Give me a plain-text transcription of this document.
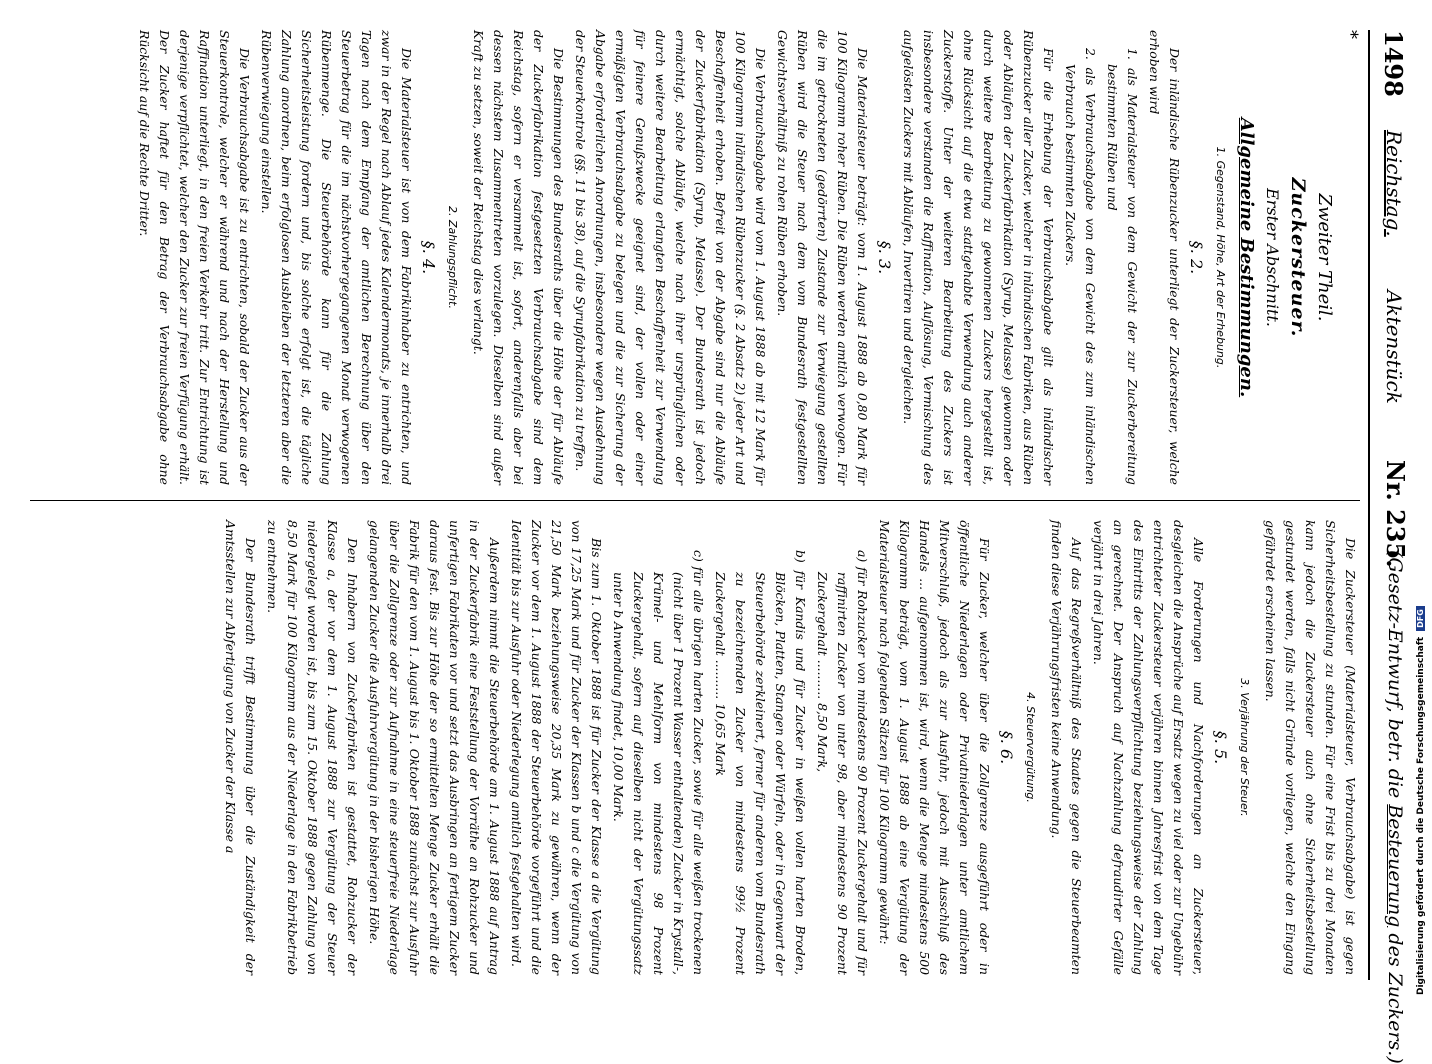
1498
Reichstag.
Aktenstück
Nr. 235.
(Gesetz-Entwurf, betr. die Besteuerung des Zuckers.)

*

Zweiter Theil.

Zuckersteuer.

Erster Abschnitt.

Allgemeine Bestimmungen.

1. Gegenstand, Höhe, Art der Erhebung.

§. 2.

Der inländische Rübenzucker unterliegt der Zuckersteuer, welche erhoben wird

1. als Materialsteuer von dem Gewicht der zur Zuckerbereitung bestimmten Rüben und

2. als Verbrauchsabgabe von dem Gewicht des zum inländischen Verbrauch bestimmten Zuckers.

Für die Erhebung der Verbrauchsabgabe gilt als inländischer Rübenzucker aller Zucker, welcher in inländischen Fabriken, aus Rüben oder Abläufen der Zuckerfabrikation (Syrup, Melasse) gewonnen oder durch weitere Bearbeitung zu gewonnenen Zuckers hergestellt ist, ohne Rücksicht auf die etwa stattgehabte Verwendung auch anderer Zuckerstoffe. Unter der weiteren Bearbeitung des Zuckers ist insbesondere verstanden die Raffination, Auflösung, Vermischung des aufgelösten Zuckers mit Abläufen, Invertiren und dergleichen.

§. 3.

Die Materialsteuer beträgt: vom 1. August 1888 ab 0,80 Mark für 100 Kilogramm roher Rüben. Die Rüben werden amtlich verwogen. Für die im getrockneten (gedörrten) Zustande zur Verwiegung gestellten Rüben wird die Steuer nach dem vom Bundesrath festgestellten Gewichtsverhältniß zu rohen Rüben erhoben.

Die Verbrauchsabgabe wird vom 1. August 1888 ab mit 12 Mark für 100 Kilogramm inländischen Rübenzucker (§. 2 Absatz 2) jeder Art und Beschaffenheit erhoben. Befreit von der Abgabe sind nur die Abläufe der Zuckerfabrikation (Syrup, Melasse). Der Bundesrath ist jedoch ermächtigt, solche Abläufe, welche nach ihrer ursprünglichen oder durch weitere Bearbeitung erlangten Beschaffenheit zur Verwendung für feinere Genußzwecke geeignet sind, der vollen oder einer ermäßigten Verbrauchsabgabe zu belegen und die zur Sicherung der Abgabe erforderlichen Anordnungen, insbesondere wegen Ausdehnung der Steuerkontrole (§§. 11 bis 38), auf die Syrupfabrikation zu treffen.

Die Bestimmungen des Bundesraths über die Höhe der für Abläufe der Zuckerfabrikation festgesetzten Verbrauchsabgabe sind dem Reichstag, sofern er versammelt ist, sofort, anderenfalls aber bei dessen nächstem Zusammentreten vorzulegen. Dieselben sind außer Kraft zu setzen, soweit der Reichstag dies verlangt.

2. Zahlungspflicht.

§. 4.

Die Materialsteuer ist von dem Fabrikinhaber zu entrichten, und zwar in der Regel nach Ablauf jedes Kalendermonats, je innerhalb drei Tagen nach dem Empfang der amtlichen Berechnung über den Steuerbetrag für die im nächstvorhergegangenen Monat verwogenen Rübenmenge. Die Steuerbehörde kann für die Zahlung Sicherheitsleistung fordern und, bis solche erfolgt ist, die tägliche Zahlung anordnen, beim erfolglosen Ausbleiben der letzteren aber die Rübenverwiegung einstellen.

Die Verbrauchsabgabe ist zu entrichten, sobald der Zucker aus der Steuerkontrole, welcher er während und nach der Herstellung und Raffination unterliegt, in den freien Verkehr tritt. Zur Entrichtung ist derjenige verpflichtet, welcher den Zucker zur freien Verfügung erhält. Der Zucker haftet für den Betrag der Verbrauchsabgabe ohne Rücksicht auf die Rechte Dritter.

Die Zuckersteuer (Materialsteuer, Verbrauchsabgabe) ist gegen Sicherheitsbestellung zu stunden. Für eine Frist bis zu drei Monaten kann jedoch die Zuckersteuer auch ohne Sicherheitsbestellung gestundet werden, falls nicht Gründe vorliegen, welche den Eingang gefährdet erscheinen lassen.

3. Verjährung der Steuer.

§. 5.

Alle Forderungen und Nachforderungen an Zuckersteuer, desgleichen die Ansprüche auf Ersatz wegen zu viel oder zur Ungebühr entrichteter Zuckersteuer verjähren binnen Jahresfrist von dem Tage des Eintritts der Zahlungsverpflichtung beziehungsweise der Zahlung an gerechnet. Der Anspruch auf Nachzahlung defraudirter Gefälle verjährt in drei Jahren.

Auf das Regreßverhältniß des Staates gegen die Steuerbeamten finden diese Verjährungsfristen keine Anwendung.

4. Steuervergütung.

§. 6.

Für Zucker, welcher über die Zollgrenze ausgeführt oder in öffentliche Niederlagen oder Privatniederlagen unter amtlichem Mitverschluß, jedoch als zur Ausfuhr, jedoch mit Ausschluß des Handels ... aufgenommen ist, wird, wenn die Menge mindestens 500 Kilogramm beträgt, vom 1. August 1888 ab eine Vergütung der Materialsteuer nach folgenden Sätzen für 100 Kilogramm gewährt:

a) für Rohzucker von mindestens 90 Prozent Zuckergehalt und für raffinirten Zucker von unter 98, aber mindestens 90 Prozent Zuckergehalt .......... 8,50 Mark,

b) für Kandis und für Zucker in weißen vollen harten Broden, Blöcken, Platten, Stangen oder Würfeln, oder in Gegenwart der Steuerbehörde zerkleinert, ferner für anderen vom Bundesrath zu bezeichnenden Zucker von mindestens 99½ Prozent Zuckergehalt .......... 10,65 Mark

c) für alle übrigen harten Zucker, sowie für alle weißen trockenen (nicht über 1 Prozent Wasser enthaltenden) Zucker in Krystall-, Krümel- und Mehlform von mindestens 98 Prozent Zuckergehalt, sofern auf dieselben nicht der Vergütungssatz unter b Anwendung findet, 10,00 Mark.

Bis zum 1. Oktober 1888 ist für Zucker der Klasse a die Vergütung von 17,25 Mark und für Zucker der Klassen b und c die Vergütung von 21,50 Mark beziehungsweise 20,35 Mark zu gewähren, wenn der Zucker vor dem 1. August 1888 der Steuerbehörde vorgeführt und die Identität bis zur Ausfuhr oder Niederlegung amtlich festgehalten wird.

Außerdem nimmt die Steuerbehörde am 1. August 1888 auf Antrag in der Zuckerfabrik eine Feststellung der Vorräthe an Rohzucker und unfertigen Fabrikaten vor und setzt das Ausbringen an fertigem Zucker daraus fest. Bis zur Höhe der so ermittelten Menge Zucker erhält die Fabrik für den vom 1. August bis 1. Oktober 1888 zunächst zur Ausfuhr über die Zollgrenze oder zur Aufnahme in eine steuerfreie Niederlage gelangenden Zucker die Ausfuhrvergütung in der bisherigen Höhe.

Den Inhabern von Zuckerfabriken ist gestattet, Rohzucker der Klasse a, der vor dem 1. August 1888 zur Vergütung der Steuer niedergelegt worden ist, bis zum 15. Oktober 1888 gegen Zahlung von 8,50 Mark für 100 Kilogramm aus der Niederlage in den Fabrikbetrieb zu entnehmen.

Der Bundesrath trifft Bestimmung über die Zuständigkeit der Amtsstellen zur Abfertigung von Zucker der Klasse a	Digitalisierung gefördert durch die Deutsche ForschungsgemeinschaftDFG
